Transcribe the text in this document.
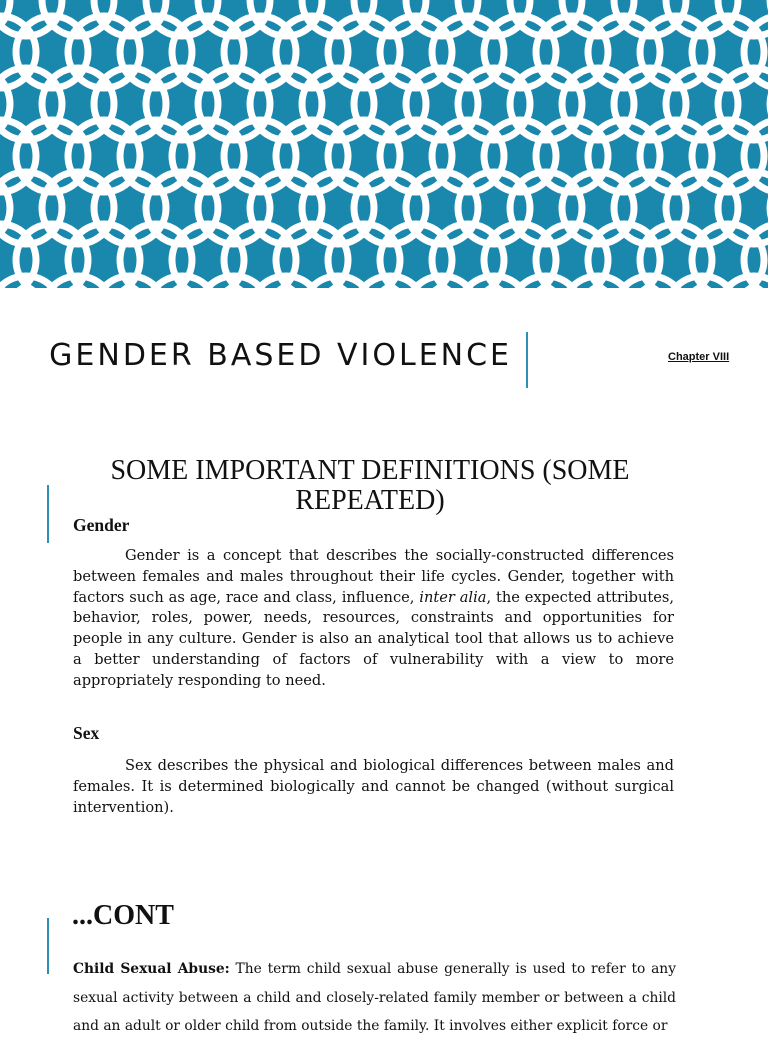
GENDER BASED VIOLENCE	Chapter VIII
SOME IMPORTANT DEFINITIONS (SOME REPEATED)
Gender

Gender is a concept that describes the socially-constructed differences between females and males throughout their life cycles. Gender, together with factors such as age, race and class, influence, inter alia, the expected attributes, behavior, roles, power, needs, resources, constraints and opportunities for people in any culture. Gender is also an analytical tool that allows us to achieve a better understanding of factors of vulnerability with a view to more appropriately responding to need.

Sex

Sex describes the physical and biological differences between males and females. It is determined biologically and cannot be changed (without surgical intervention).

...CONT

Child Sexual Abuse: The term child sexual abuse generally is used to refer to any sexual activity between a child and closely-related family member or between a child and an adult or older child from outside the family. It involves either explicit force or
